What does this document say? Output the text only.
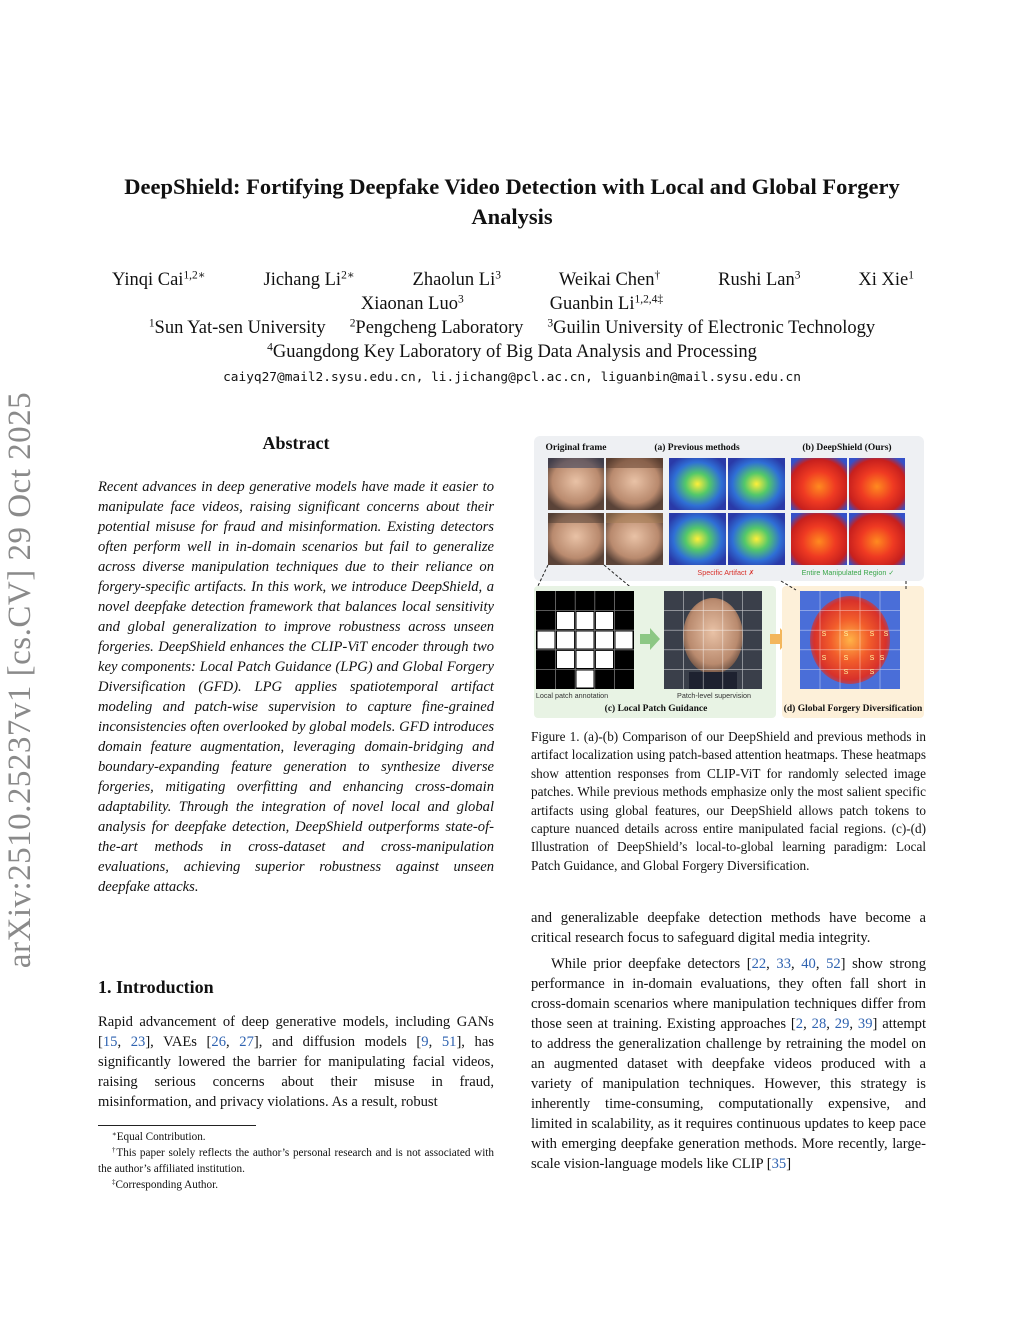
arXiv:2510.25237v1 [cs.CV] 29 Oct 2025
DeepShield: Fortifying Deepfake Video Detection with Local and Global Forgery Analysis
Yinqi Cai$^{1,2∗}$	Jichang $Li^{2∗}$	Zhaolun Li$^3$	Weikai Chen†	Rushi Lan$^3$	Xi Xie$^1$
Xiaonan Luo$^3$	Guanbin $Li^{1,2,4\ddagger}$
$^1$Sun Yat-sen University $^2$Pengcheng Laboratory $^3$Guilin University of Electronic Technology
$^4$Guangdong Key Laboratory of Big Data Analysis and Processing
caiyq27@mail2.sysu.edu.cn, li.jichang@pcl.ac.cn, liguanbin@mail.sysu.edu.cn
Abstract
Recent advances in deep generative models have made it easier to manipulate face videos, raising significant concerns about their potential misuse for fraud and misinformation. Existing detectors often perform well in in-domain scenarios but fail to generalize across diverse manipulation techniques due to their reliance on forgery-specific artifacts. In this work, we introduce DeepShield, a novel deepfake detection framework that balances local sensitivity and global generalization to improve robustness across unseen forgeries. DeepShield enhances the CLIP-ViT encoder through two key components: Local Patch Guidance (LPG) and Global Forgery Diversification (GFD). LPG applies spatiotemporal artifact modeling and patch-wise supervision to capture fine-grained inconsistencies often overlooked by global models. GFD introduces domain feature augmentation, leveraging domain-bridging and boundary-expanding feature generation to synthesize diverse forgeries, mitigating overfitting and enhancing cross-domain adaptability. Through the integration of novel local and global analysis for deepfake detection, DeepShield outperforms state-of-the-art methods in cross-dataset and cross-manipulation evaluations, achieving superior robustness against unseen deepfake attacks.
1. Introduction
Rapid advancement of deep generative models, including GANs [15, 23], VAEs [26, 27], and diffusion models [9, 51], has significantly lowered the barrier for manipulating facial videos, raising serious concerns about their misuse in fraud, misinformation, and privacy violations. As a result, robust
∗Equal Contribution.
†This paper solely reflects the author’s personal research and is not associated with the author’s affiliated institution.
‡Corresponding Author.
Original frame	(a) Previous methods	(b) DeepShield (Ours)
Specific Artifact ✗	Entire Manipulated Region ✓
Local patch annotation	Patch-level supervision
(c) Local Patch Guidance
S S	S S
S S	S S
S	S
(d) Global Forgery Diversification
Figure 1. (a)-(b) Comparison of our DeepShield and previous methods in artifact localization using patch-based attention heatmaps. These heatmaps show attention responses from CLIP-ViT for randomly selected image patches. While previous methods emphasize only the most salient specific artifacts using global features, our DeepShield allows patch tokens to capture nuanced details across entire manipulated facial regions. (c)-(d) Illustration of DeepShield’s local-to-global learning paradigm: Local Patch Guidance, and Global Forgery Diversification.
and generalizable deepfake detection methods have become a critical research focus to safeguard digital media integrity.
While prior deepfake detectors [22, 33, 40, 52] show strong performance in in-domain evaluations, they often fall short in cross-domain scenarios where manipulation techniques differ from those seen at training. Existing approaches [2, 28, 29, 39] attempt to address the generalization challenge by retraining the model on an augmented dataset with deepfake videos produced with a variety of manipulation techniques. However, this strategy is inherently time-consuming, computationally expensive, and limited in scalability, as it requires continuous updates to keep pace with emerging deepfake generation methods. More recently, large-scale vision-language models like CLIP [35]
